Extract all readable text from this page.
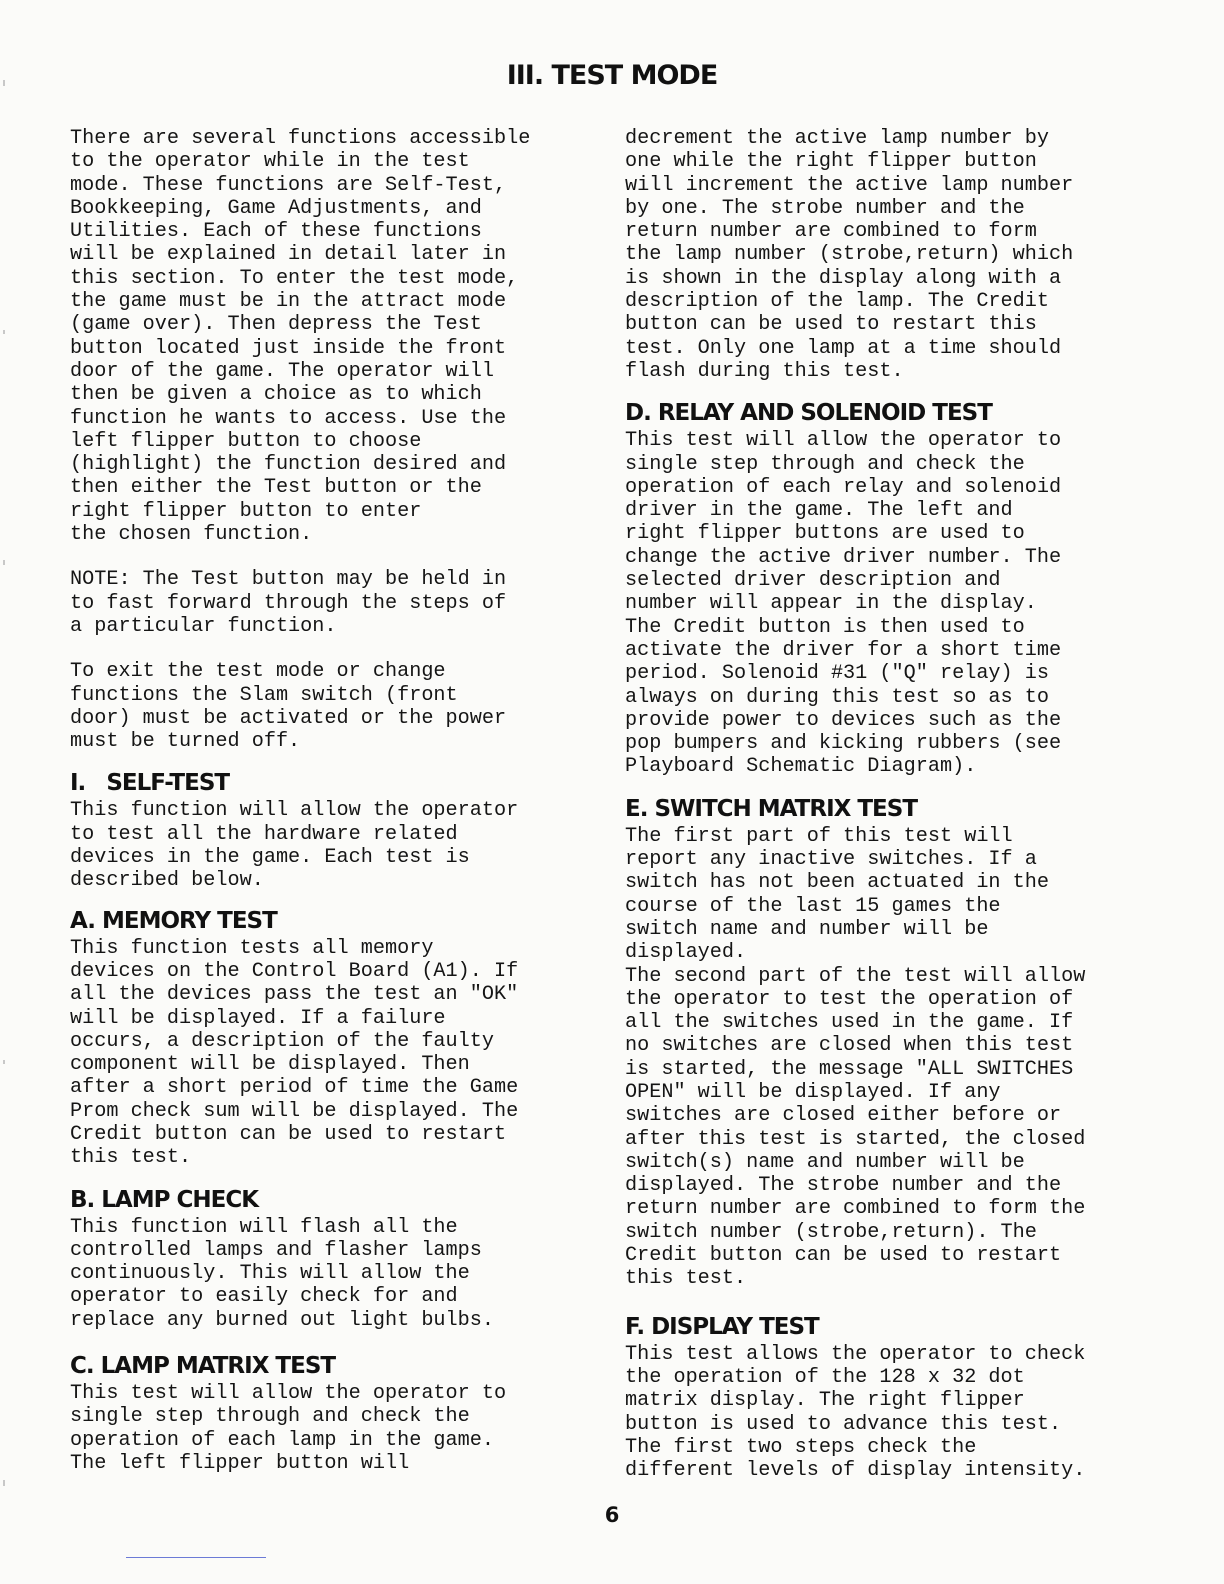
III. TEST MODE

There are several functions accessible
to the operator while in the test
mode. These functions are Self-Test,
Bookkeeping, Game Adjustments, and
Utilities. Each of these functions
will be explained in detail later in
this section. To enter the test mode,
the game must be in the attract mode
(game over). Then depress the Test
button located just inside the front
door of the game. The operator will
then be given a choice as to which
function he wants to access. Use the
left flipper button to choose
(highlight) the function desired and
then either the Test button or the
right flipper button to enter
the chosen function.

NOTE: The Test button may be held in
to fast forward through the steps of
a particular function.

To exit the test mode or change
functions the Slam switch (front
door) must be activated or the power
must be turned off.

I.   SELF-TEST

This function will allow the operator
to test all the hardware related
devices in the game. Each test is
described below.

A. MEMORY TEST

This function tests all memory
devices on the Control Board (A1). If
all the devices pass the test an "OK"
will be displayed. If a failure
occurs, a description of the faulty
component will be displayed. Then
after a short period of time the Game
Prom check sum will be displayed. The
Credit button can be used to restart
this test.

B. LAMP CHECK

This function will flash all the
controlled lamps and flasher lamps
continuously. This will allow the
operator to easily check for and
replace any burned out light bulbs.

C. LAMP MATRIX TEST

This test will allow the operator to
single step through and check the
operation of each lamp in the game.
The left flipper button will

decrement the active lamp number by
one while the right flipper button
will increment the active lamp number
by one. The strobe number and the
return number are combined to form
the lamp number (strobe,return) which
is shown in the display along with a
description of the lamp. The Credit
button can be used to restart this
test. Only one lamp at a time should
flash during this test.

D. RELAY AND SOLENOID TEST

This test will allow the operator to
single step through and check the
operation of each relay and solenoid
driver in the game. The left and
right flipper buttons are used to
change the active driver number. The
selected driver description and
number will appear in the display.
The Credit button is then used to
activate the driver for a short time
period. Solenoid #31 ("Q" relay) is
always on during this test so as to
provide power to devices such as the
pop bumpers and kicking rubbers (see
Playboard Schematic Diagram).

E. SWITCH MATRIX TEST

The first part of this test will
report any inactive switches. If a
switch has not been actuated in the
course of the last 15 games the
switch name and number will be
displayed.
The second part of the test will allow
the operator to test the operation of
all the switches used in the game. If
no switches are closed when this test
is started, the message "ALL SWITCHES
OPEN" will be displayed. If any
switches are closed either before or
after this test is started, the closed
switch(s) name and number will be
displayed. The strobe number and the
return number are combined to form the
switch number (strobe,return). The
Credit button can be used to restart
this test.

F. DISPLAY TEST

This test allows the operator to check
the operation of the 128 x 32 dot
matrix display. The right flipper
button is used to advance this test.
The first two steps check the
different levels of display intensity.

6
